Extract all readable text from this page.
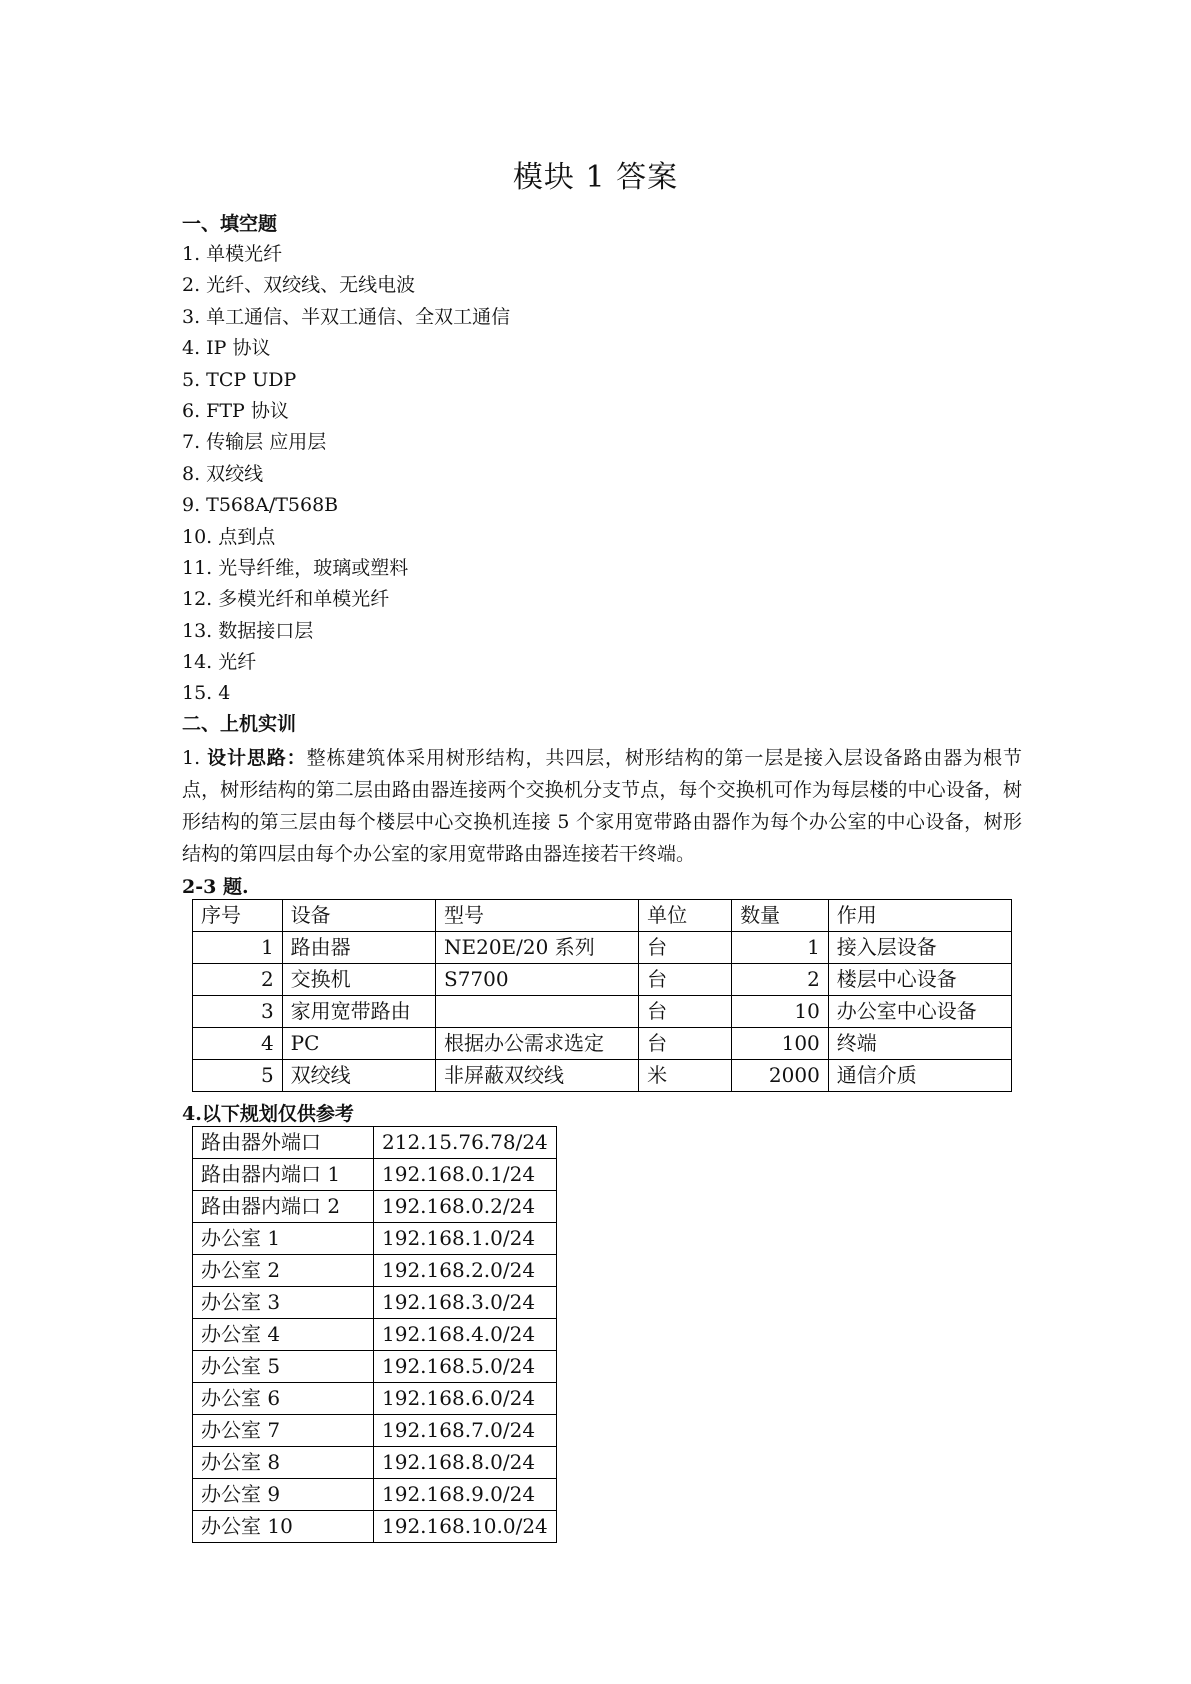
模块 1 答案
一、填空题
1. 单模光纤
2. 光纤、双绞线、无线电波
3. 单工通信、半双工通信、全双工通信
4. IP 协议
5. TCP UDP
6. FTP 协议
7. 传输层 应用层
8. 双绞线
9. T568A/T568B
10. 点到点
11. 光导纤维，玻璃或塑料
12. 多模光纤和单模光纤
13. 数据接口层
14. 光纤
15. 4
二、上机实训
1. 设计思路：整栋建筑体采用树形结构，共四层，树形结构的第一层是接入层设备路由器为根节点，树形结构的第二层由路由器连接两个交换机分支节点，每个交换机可作为每层楼的中心设备，树形结构的第三层由每个楼层中心交换机连接 5 个家用宽带路由器作为每个办公室的中心设备，树形结构的第四层由每个办公室的家用宽带路由器连接若干终端。
2-3 题.
序号	设备	型号	单位	数量	作用
1	路由器	NE20E/20 系列	台	1	接入层设备
2	交换机	S7700	台	2	楼层中心设备
3	家用宽带路由		台	10	办公室中心设备
4	PC	根据办公需求选定	台	100	终端
5	双绞线	非屏蔽双绞线	米	2000	通信介质
4.以下规划仅供参考
路由器外端口	212.15.76.78/24
路由器内端口 1	192.168.0.1/24
路由器内端口 2	192.168.0.2/24
办公室 1	192.168.1.0/24
办公室 2	192.168.2.0/24
办公室 3	192.168.3.0/24
办公室 4	192.168.4.0/24
办公室 5	192.168.5.0/24
办公室 6	192.168.6.0/24
办公室 7	192.168.7.0/24
办公室 8	192.168.8.0/24
办公室 9	192.168.9.0/24
办公室 10	192.168.10.0/24
